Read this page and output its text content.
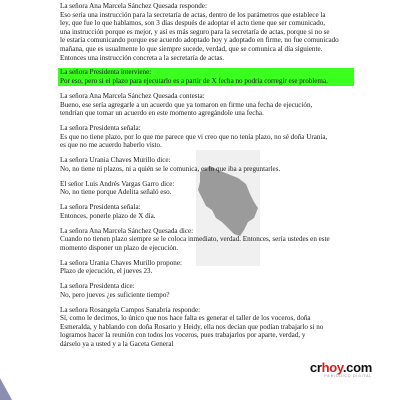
La señora Ana Marcela Sánchez Quesada responde:
Eso sería una instrucción para la secretaría de actas, dentro de los parámetros que establece la
ley, que fue lo que hablamos, son 3 días después de adoptar el acto tiene que ser comunicado,
una instrucción porque es mejor, y así es más seguro para la secretaría de actas, porque si no se
le estaría comunicando porque ese acuerdo adoptado hoy y adoptado en firme, no fue comunicado
mañana, que es usualmente lo que siempre sucede, verdad, que se comunica al día siguiente.
Entonces una instrucción concreta a la secretaría de actas.
La señora Presidenta interviene:
Por eso, pero si el plazo para ejecutarlo es a partir de X fecha no podría corregir ese problema.
La señora Ana Marcela Sánchez Quesada contesta:
Bueno, ese sería agregarle a un acuerdo que ya tomaron en firme una fecha de ejecución,
tendrían que tomar un acuerdo en este momento agregándole una fecha.
La señora Presidenta señala:
Es que no tiene plazo, por lo que me parece que vi creo que no tenía plazo, no sé doña Urania,
es que no me acuerdo haberlo visto.
La señora Urania Chaves Murillo dice:
No, no tiene ni plazos, ni a quién se le comunica, es lo que iba a preguntarles.
El señor Luis Andrés Vargas Garro dice:
No, no tiene porque Adelita señaló eso.
La señora Presidenta señala:
Entonces, ponerle plazo de X día.
La señora Ana Marcela Sánchez Quesada dice:
Cuando no tienen plazo siempre se le coloca inmediato, verdad. Entonces, sería ustedes en este
momento disponer un plazo de ejecución.
La señora Urania Chaves Murillo propone:
Plazo de ejecución, el jueves 23.
La señora Presidenta dice:
No, pero jueves ¿es suficiente tiempo?
La señora Rosangela Campos Sanabria responde:
Sí, como le decimos, lo único que nos hace falta es generar el taller de los voceros, doña
Esmeralda, y hablando con doña Rosario y Heidy, ella nos decían que podían trabajarlo si no
logramos hacer la reunión con todos los voceros, pues trabajarlos por aparte, verdad, y
dárselo ya a usted y a la Gaceta General
crhoy.com
PERIÓDICO DIGITAL
